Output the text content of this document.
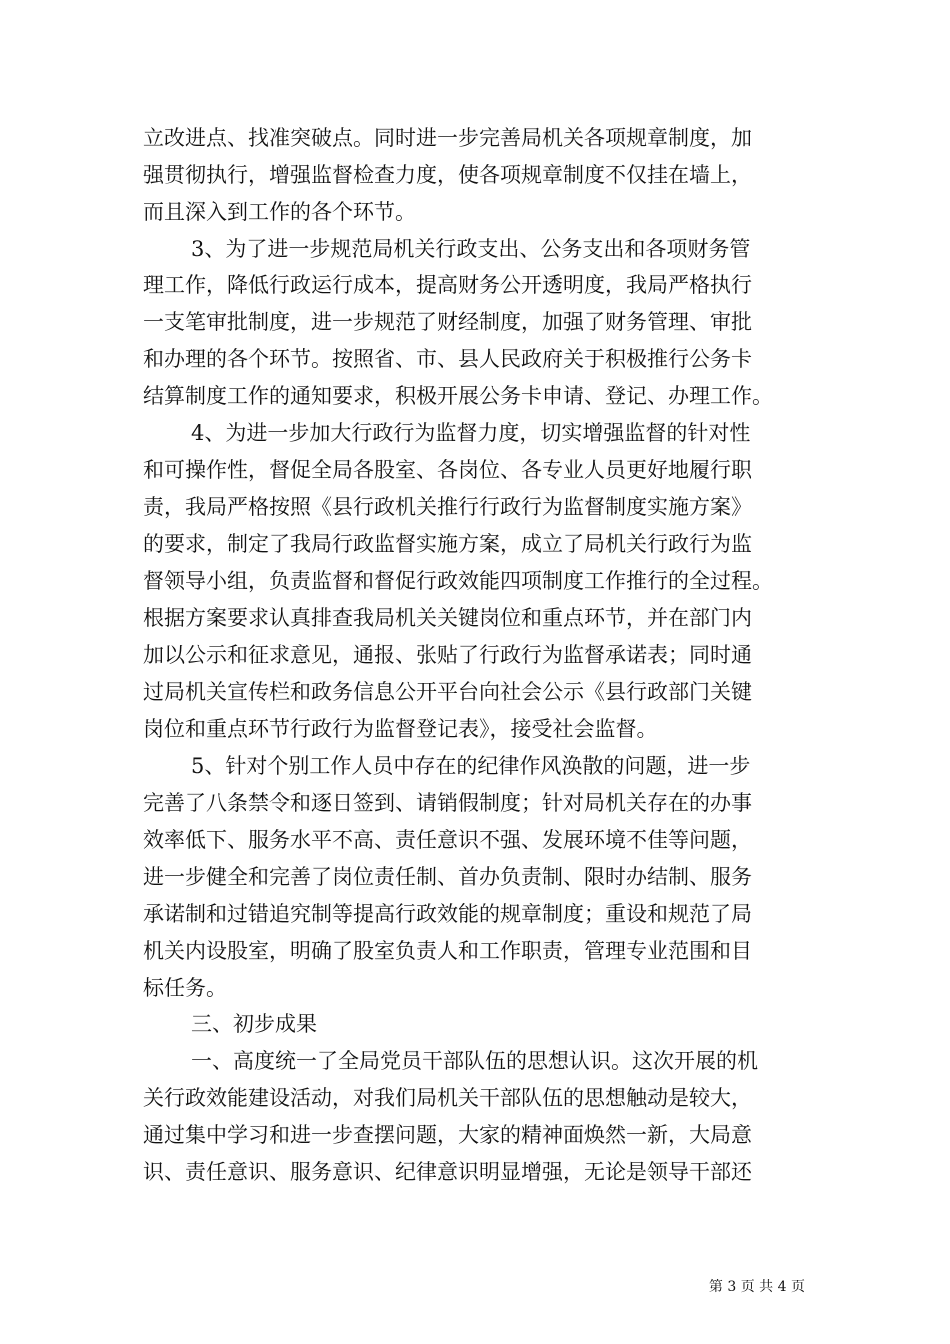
立改进点、找准突破点。同时进一步完善局机关各项规章制度，加
强贯彻执行，增强监督检查力度，使各项规章制度不仅挂在墙上，
而且深入到工作的各个环节。
3、为了进一步规范局机关行政支出、公务支出和各项财务管
理工作，降低行政运行成本，提高财务公开透明度，我局严格执行
一支笔审批制度，进一步规范了财经制度，加强了财务管理、审批
和办理的各个环节。按照省、市、县人民政府关于积极推行公务卡
结算制度工作的通知要求，积极开展公务卡申请、登记、办理工作。
4、为进一步加大行政行为监督力度，切实增强监督的针对性
和可操作性，督促全局各股室、各岗位、各专业人员更好地履行职
责，我局严格按照《县行政机关推行行政行为监督制度实施方案》
的要求，制定了我局行政监督实施方案，成立了局机关行政行为监
督领导小组，负责监督和督促行政效能四项制度工作推行的全过程。
根据方案要求认真排查我局机关关键岗位和重点环节，并在部门内
加以公示和征求意见，通报、张贴了行政行为监督承诺表；同时通
过局机关宣传栏和政务信息公开平台向社会公示《县行政部门关键
岗位和重点环节行政行为监督登记表》，接受社会监督。
5、针对个别工作人员中存在的纪律作风涣散的问题，进一步
完善了八条禁令和逐日签到、请销假制度；针对局机关存在的办事
效率低下、服务水平不高、责任意识不强、发展环境不佳等问题，
进一步健全和完善了岗位责任制、首办负责制、限时办结制、服务
承诺制和过错追究制等提高行政效能的规章制度；重设和规范了局
机关内设股室，明确了股室负责人和工作职责，管理专业范围和目
标任务。
三、初步成果
一、高度统一了全局党员干部队伍的思想认识。这次开展的机
关行政效能建设活动，对我们局机关干部队伍的思想触动是较大，
通过集中学习和进一步查摆问题，大家的精神面焕然一新，大局意
识、责任意识、服务意识、纪律意识明显增强，无论是领导干部还
第 3 页 共 4 页
